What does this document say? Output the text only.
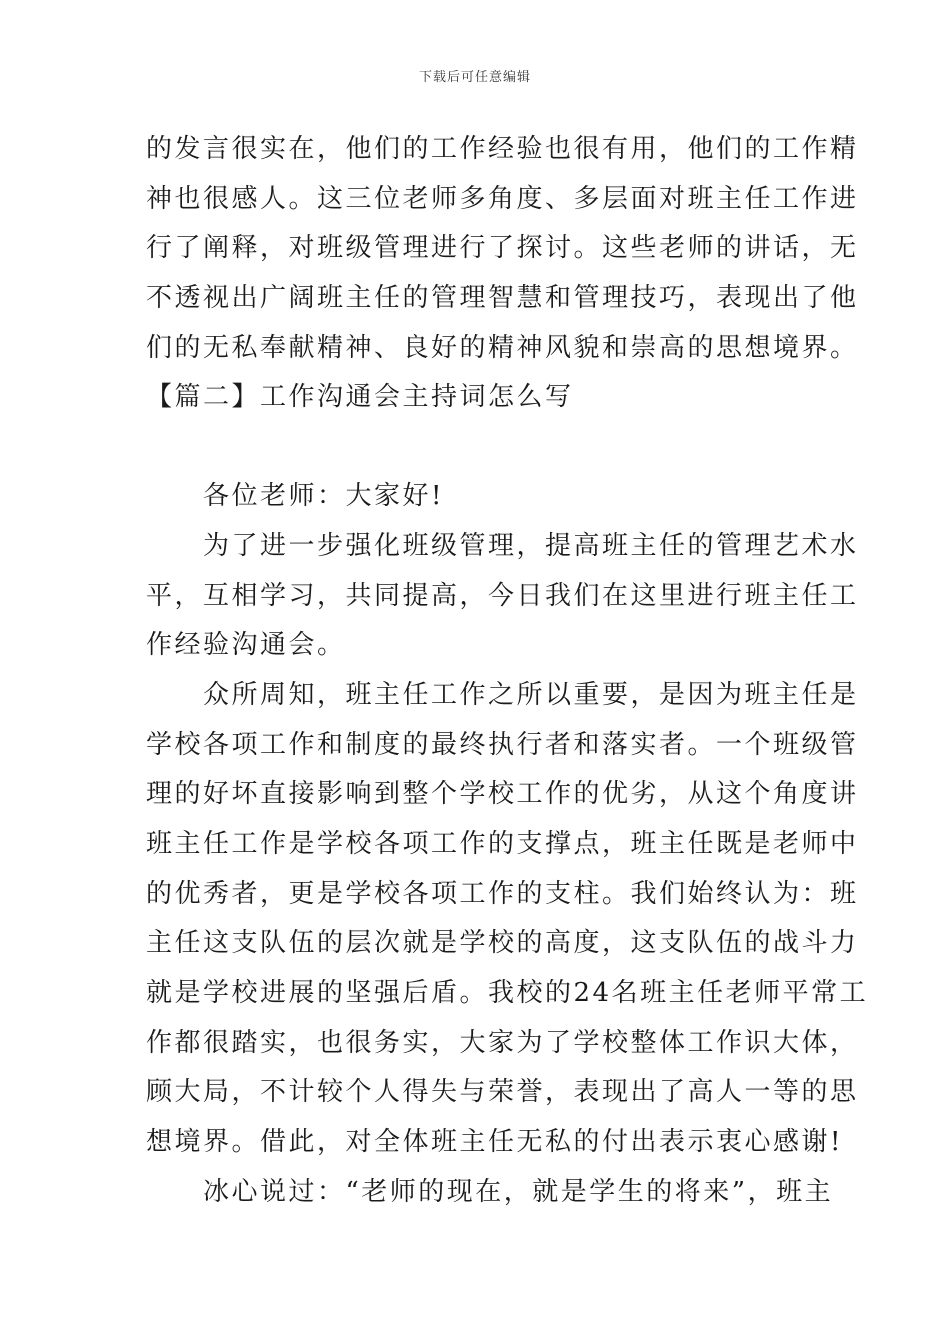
下载后可任意编辑
的发言很实在，他们的工作经验也很有用，他们的工作精
神也很感人。这三位老师多角度、多层面对班主任工作进
行了阐释，对班级管理进行了探讨。这些老师的讲话，无
不透视出广阔班主任的管理智慧和管理技巧，表现出了他
们的无私奉献精神、良好的精神风貌和崇高的思想境界。
【篇二】工作沟通会主持词怎么写
　　各位老师：大家好!
　　为了进一步强化班级管理，提高班主任的管理艺术水
平，互相学习，共同提高，今日我们在这里进行班主任工
作经验沟通会。
　　众所周知，班主任工作之所以重要，是因为班主任是
学校各项工作和制度的最终执行者和落实者。一个班级管
理的好坏直接影响到整个学校工作的优劣，从这个角度讲
班主任工作是学校各项工作的支撑点，班主任既是老师中
的优秀者，更是学校各项工作的支柱。我们始终认为：班
主任这支队伍的层次就是学校的高度，这支队伍的战斗力
就是学校进展的坚强后盾。我校的24名班主任老师平常工
作都很踏实，也很务实，大家为了学校整体工作识大体，
顾大局，不计较个人得失与荣誉，表现出了高人一等的思
想境界。借此，对全体班主任无私的付出表示衷心感谢!
　　冰心说过：“老师的现在，就是学生的将来”，班主
